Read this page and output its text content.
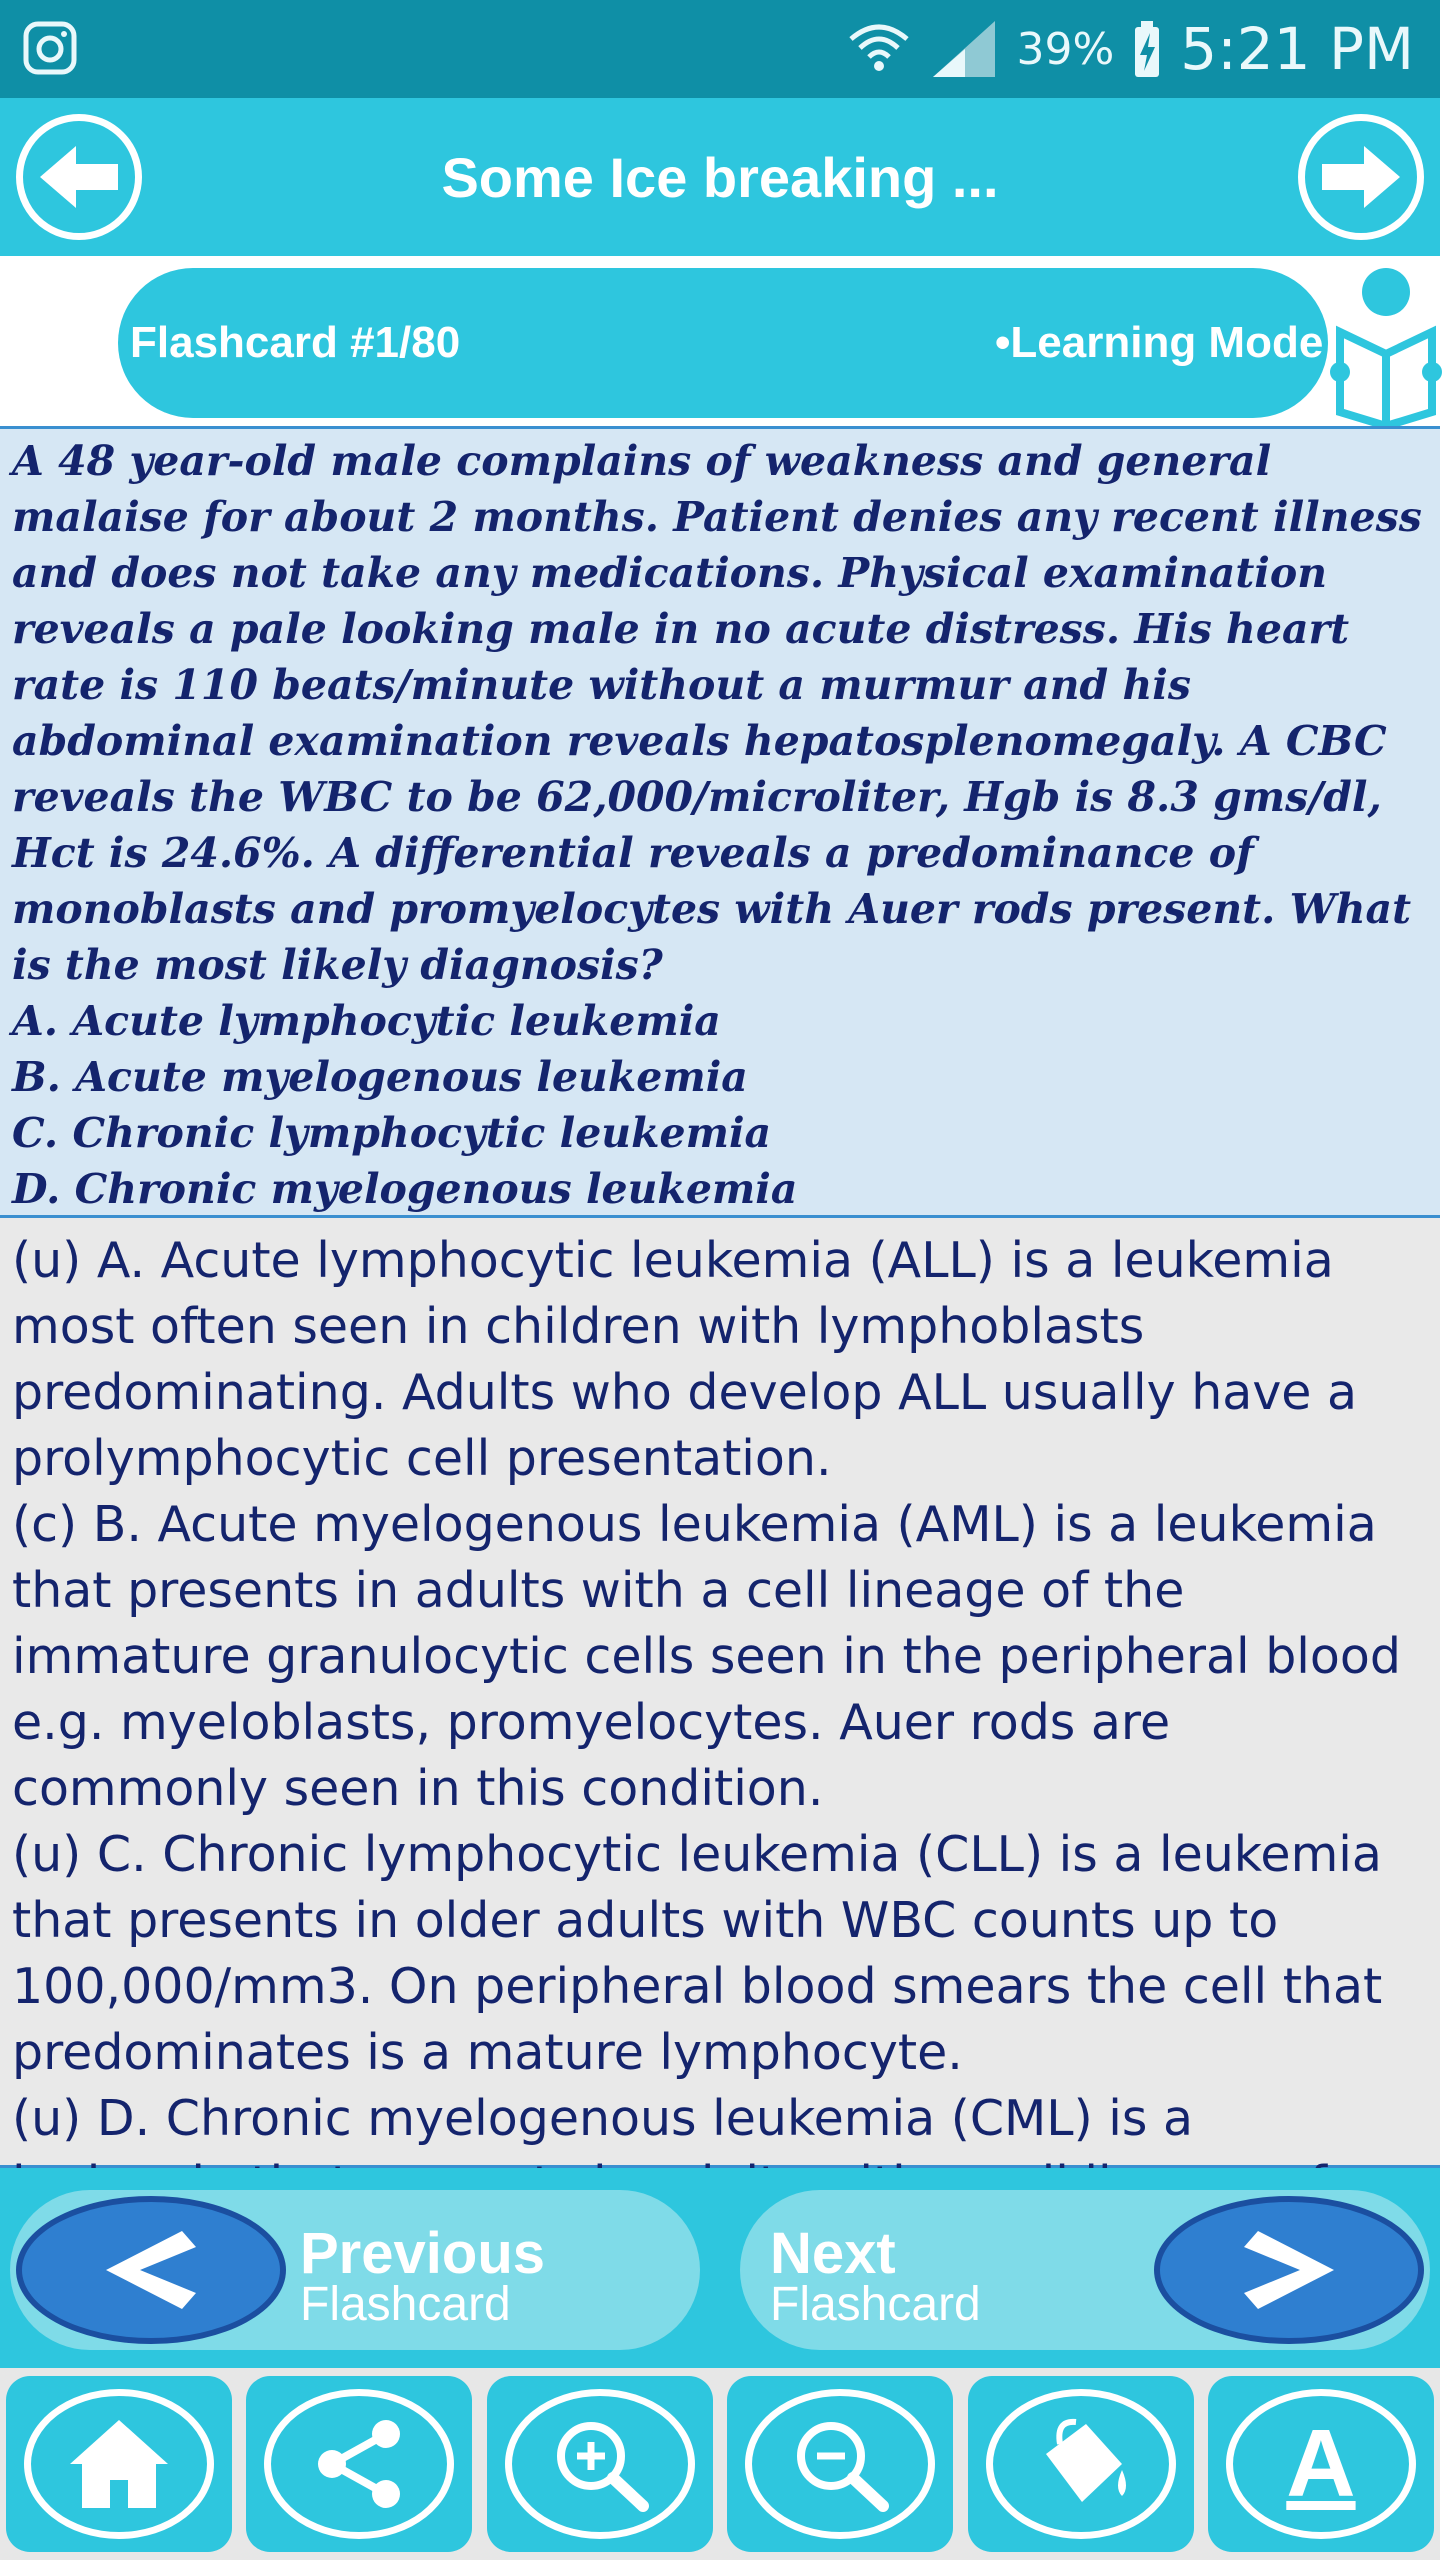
39% 5:21 PM
Some Ice breaking ...
Flashcard #1/80	•Learning Mode

A 48 year-old male complains of weakness and general malaise for about 2 months. Patient denies any recent illness and does not take any medications. Physical examination reveals a pale looking male in no acute distress. His heart rate is 110 beats/minute without a murmur and his abdominal examination reveals hepatosplenomegaly. A CBC reveals the WBC to be 62,000/microliter, Hgb is 8.3 gms/dl, Hct is 24.6%. A differential reveals a predominance of monoblasts and promyelocytes with Auer rods present. What is the most likely diagnosis?

A. Acute lymphocytic leukemia

B. Acute myelogenous leukemia

C. Chronic lymphocytic leukemia

D. Chronic myelogenous leukemia

(u) A. Acute lymphocytic leukemia (ALL) is a leukemia most often seen in children with lymphoblasts predominating. Adults who develop ALL usually have a prolymphocytic cell presentation.

(c) B. Acute myelogenous leukemia (AML) is a leukemia that presents in adults with a cell lineage of the immature granulocytic cells seen in the peripheral blood e.g. myeloblasts, promyelocytes. Auer rods are commonly seen in this condition.

(u) C. Chronic lymphocytic leukemia (CLL) is a leukemia that presents in older adults with WBC counts up to 100,000/mm3. On peripheral blood smears the cell that predominates is a mature lymphocyte.

(u) D. Chronic myelogenous leukemia (CML) is a

Previous
Flashcard
Next
Flashcard
A
